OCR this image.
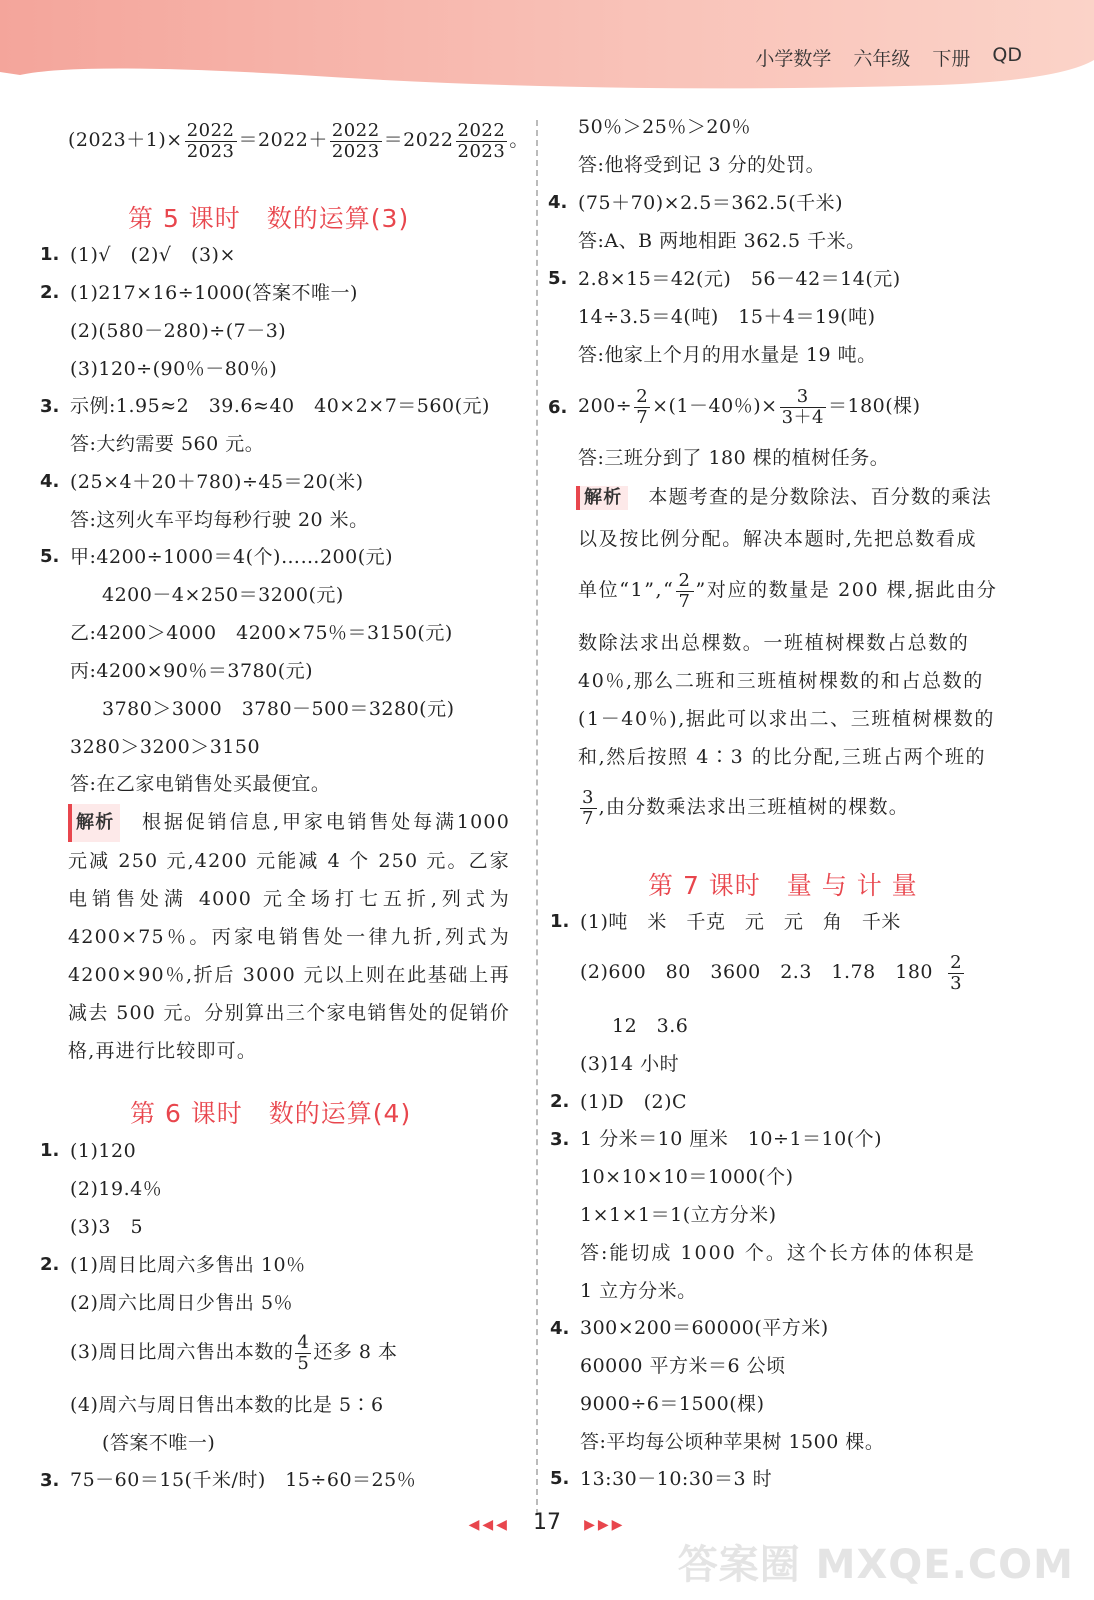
小学数学 六年级 下册 QD
$(2023+1)\times \frac{2022}{2023} =2022+ \frac{2022}{2023} =2022 \frac{2022}{2023}$ 。
第 5 课时　数的运算(3)
1. (1)√　(2)√　(3)×
2. (1)217×16÷1000(答案不唯一)
(2)(580－280)÷(7－3)
(3)120÷(90％－80％)
3. 示例:1.95≈2　39.6≈40　40×2×7＝560(元)
答:大约需要 560 元。
4. (25×4＋20＋780)÷45＝20(米)
答:这列火车平均每秒行驶 20 米。
5. 甲:4200÷1000＝4(个)……200(元)
4200－4×250＝3200(元)
乙:4200＞4000　4200×75％＝3150(元)
丙:4200×90％＝3780(元)
3780＞3000　3780－500＝3280(元)
3280＞3200＞3150
答:在乙家电销售处买最便宜。
解析 根据促销信息,甲家电销售处每满1000 元减 250 元,4200 元能减 4 个 250 元。乙家电销售处满 4000 元全场打七五折,列式为4200×75％。丙家电销售处一律九折,列式为4200×90％,折后 3000 元以上则在此基础上再减去 500 元。分别算出三个家电销售处的促销价格,再进行比较即可。
第 6 课时　数的运算(4)
1. (1)120
(2)19.4％
(3)3　5
2. (1)周日比周六多售出 10％
(2)周六比周日少售出 5％
(3)周日比周六售出本数的 $\frac{4}{5}$ 还多 8 本
(4)周六与周日售出本数的比是 5∶6
(答案不唯一)
3. 75－60＝15(千米/时)　15÷60＝25％
50％＞25％＞20％
答:他将受到记 3 分的处罚。
4. (75＋70)×2.5＝362.5(千米)
答:A、B 两地相距 362.5 千米。
5. 2.8×15＝42(元)　56－42＝14(元)
14÷3.5＝4(吨)　15＋4＝19(吨)
答:他家上个月的用水量是 19 吨。
6. $200\div \frac{2}{7} \times(1-40$％)× $\frac{3}{3+4} =180$(棵)
答:三班分到了 180 棵的植树任务。
解析 本题考查的是分数除法、百分数的乘法
以及按比例分配。解决本题时,先把总数看成
单位“1”,“ $\frac{2}{7}$ ”对应的数量是 200 棵,据此由分
数除法求出总棵数。一班植树棵数占总数的
40％,那么二班和三班植树棵数的和占总数的
(1－40％),据此可以求出二、三班植树棵数的
和,然后按照 4∶3 的比分配,三班占两个班的
$\frac{3}{7}$ ,由分数乘法求出三班植树的棵数。
第 7 课时　量 与 计 量
1. (1)吨　米　千克　元　元　角　千米
(2)600　80　3600　2.3　1.78　$180 \frac{2}{3}$
12　3.6
(3)14 小时
2. (1)D　(2)C
3. 1 分米＝10 厘米　10÷1＝10(个)
10×10×10＝1000(个)
1×1×1＝1(立方分米)
答:能切成 1000 个。这个长方体的体积是
1 立方分米。
4. 300×200＝60000(平方米)
60000 平方米＝6 公顷
9000÷6＝1500(棵)
答:平均每公顷种苹果树 1500 棵。
5. 13:30－10:30＝3 时
◀◀◀ 17 ▶▶▶
答案圈 MXQE.COM
